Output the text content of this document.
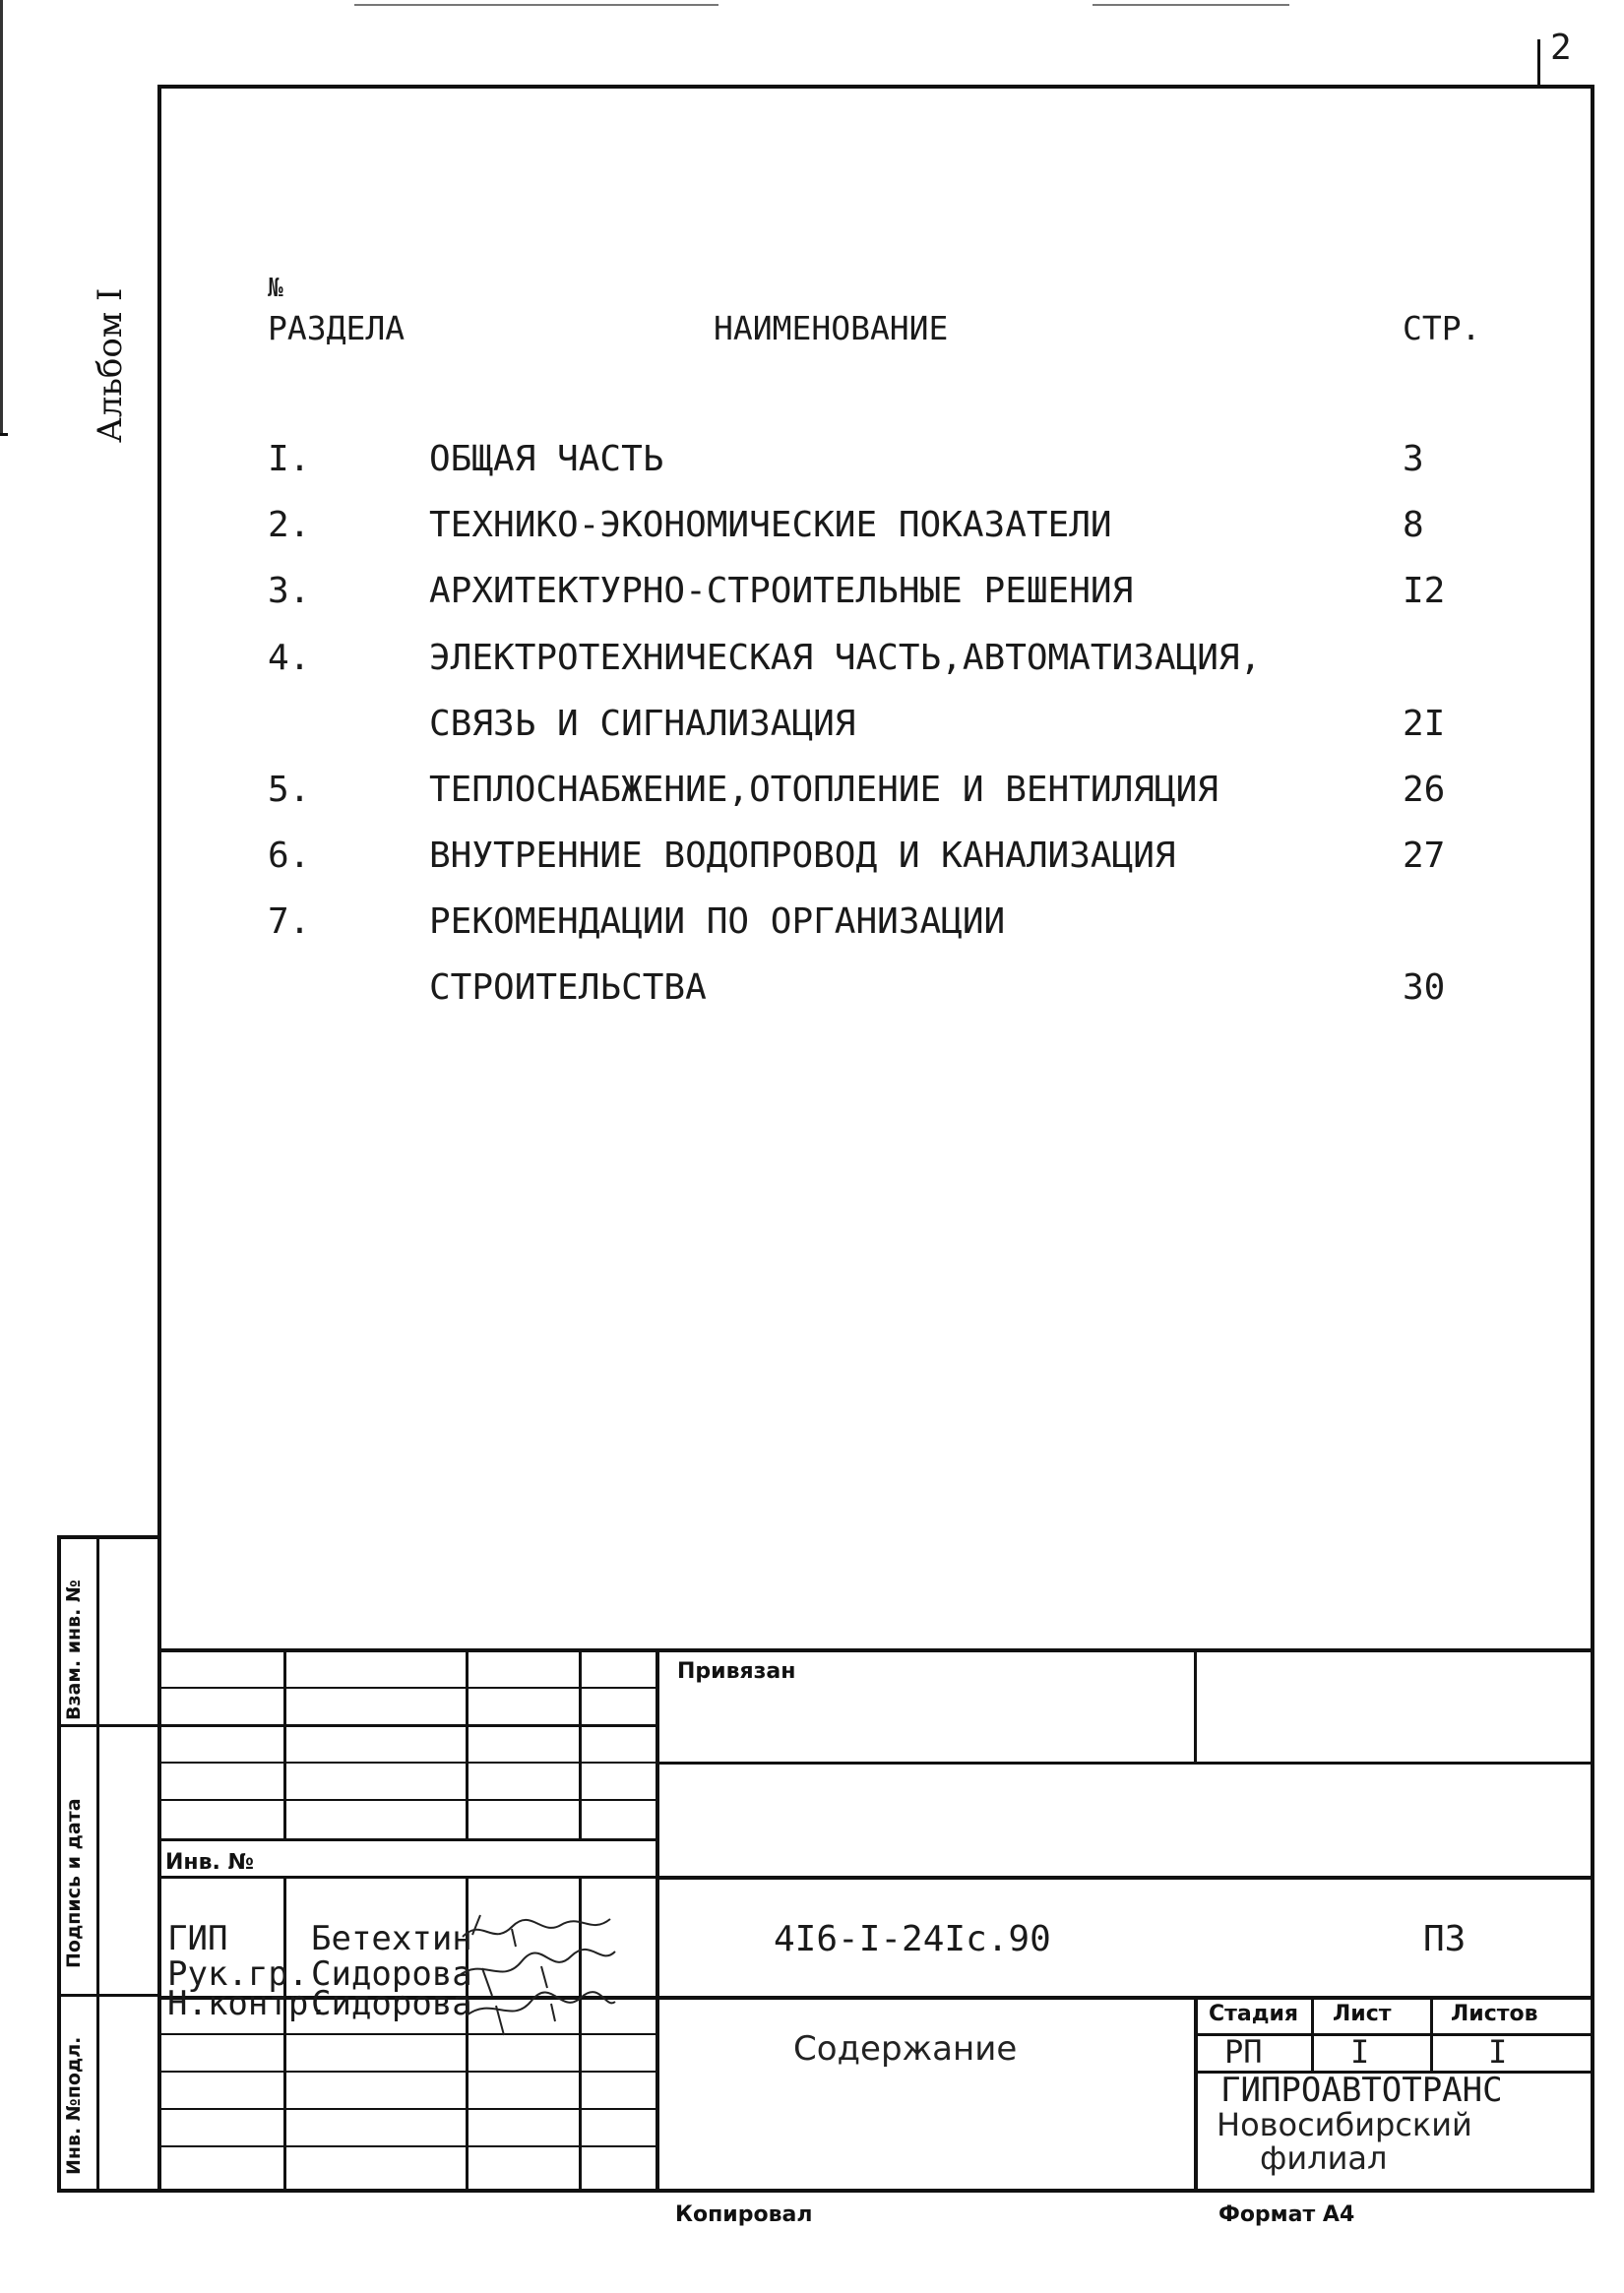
2
Альбом I
Взам. инв. №
Подпись и дата
Инв. №подл.
№
РАЗДЕЛА	НАИМЕНОВАНИЕ	СТР.
I.	ОБЩАЯ ЧАСТЬ	3
2.	ТЕХНИКО-ЭКОНОМИЧЕСКИЕ ПОКАЗАТЕЛИ	8
3.	АРХИТЕКТУРНО-СТРОИТЕЛЬНЫЕ РЕШЕНИЯ	I2
4.	ЭЛЕКТРОТЕХНИЧЕСКАЯ ЧАСТЬ,АВТОМАТИЗАЦИЯ,
СВЯЗЬ И СИГНАЛИЗАЦИЯ	2I
5.	ТЕПЛОСНАБЖЕНИЕ,ОТОПЛЕНИЕ И ВЕНТИЛЯЦИЯ	26
6.	ВНУТРЕННИЕ ВОДОПРОВОД И КАНАЛИЗАЦИЯ	27
7.	РЕКОМЕНДАЦИИ ПО ОРГАНИЗАЦИИ
СТРОИТЕЛЬСТВА	30
Привязан
Инв. №
ГИП Бетехтин
Рук.гр. Сидорова
Н.контр.
Сидорова
4I6-I-24Iс.90	ПЗ
Содержание
Стадия Лист	Листов
РП	I	I
ГИПРОАВТОТРАНС
Новосибирский
филиал
Копировал	Формат А4
